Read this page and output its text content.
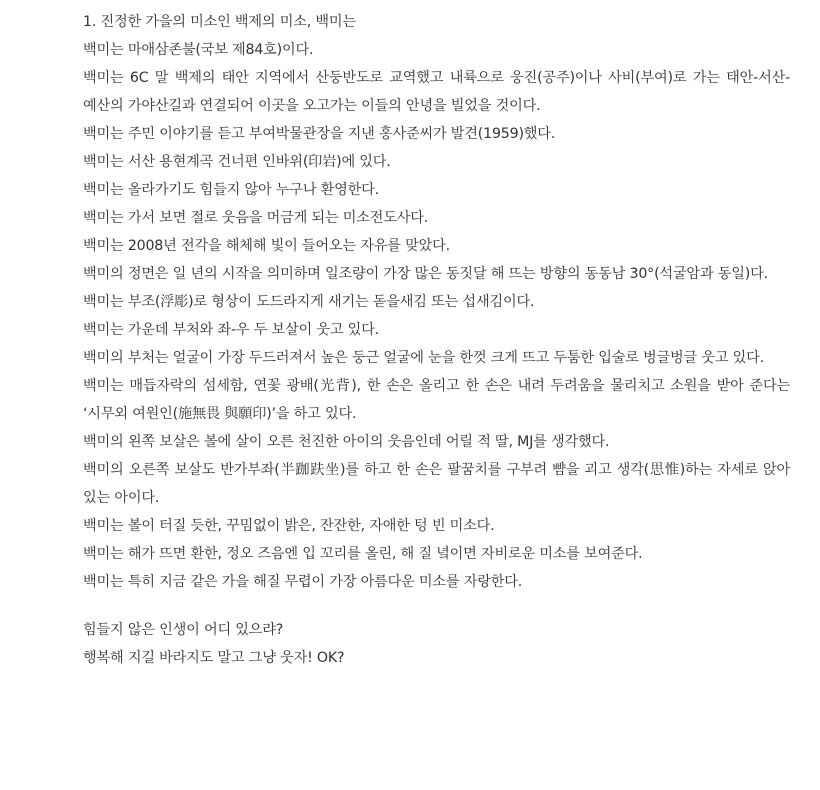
1. 진정한 가을의 미소인 백제의 미소, 백미는

백미는 마애삼존불(국보 제84호)이다.

백미는 6C 말 백제의 태안 지역에서 산둥반도로 교역했고 내륙으로 웅진(공주)이나 사비(부여)로 가는 태안-서산-예산의 가야산길과 연결되어 이곳을 오고가는 이들의 안녕을 빌었을 것이다.

백미는 주민 이야기를 듣고 부여박물관장을 지낸 홍사준씨가 발견(1959)했다.

백미는 서산 용현계곡 건너편 인바위(印岩)에 있다.

백미는 올라가기도 힘들지 않아 누구나 환영한다.

백미는 가서 보면 절로 웃음을 머금게 되는 미소전도사다.

백미는 2008년 전각을 해체해 빛이 들어오는 자유를 맞았다.

백미의 정면은 일 년의 시작을 의미하며 일조량이 가장 많은 동짓달 해 뜨는 방향의 동동남 30°(석굴암과 동일)다.

백미는 부조(浮彫)로 형상이 도드라지게 새기는 돋을새김 또는 섭새김이다.

백미는 가운데 부처와 좌-우 두 보살이 웃고 있다.

백미의 부처는 얼굴이 가장 두드러져서 높은 둥근 얼굴에 눈을 한껏 크게 뜨고 두툼한 입술로 벙글벙글 웃고 있다.

백미는 매듭자락의 섬세함, 연꽃 광배(光背), 한 손은 올리고 한 손은 내려 두려움을 물리치고 소원을 받아 준다는 ‘시무외 여원인(施無畏 與願印)’을 하고 있다.

백미의 왼쪽 보살은 볼에 살이 오른 천진한 아이의 웃음인데 어릴 적 딸, MJ를 생각했다.

백미의 오른쪽 보살도 반가부좌(半跏趺坐)를 하고 한 손은 팔꿈치를 구부려 뺨을 괴고 생각(思惟)하는 자세로 앉아 있는 아이다.

백미는 볼이 터질 듯한, 꾸밈없이 밝은, 잔잔한, 자애한 텅 빈 미소다.

백미는 해가 뜨면 환한, 정오 즈음엔 입 꼬리를 올린, 해 질 녘이면 자비로운 미소를 보여준다.

백미는 특히 지금 같은 가을 해질 무렵이 가장 아름다운 미소를 자랑한다.

힘들지 않은 인생이 어디 있으랴?

행복해 지길 바라지도 말고 그냥 웃자! OK?
